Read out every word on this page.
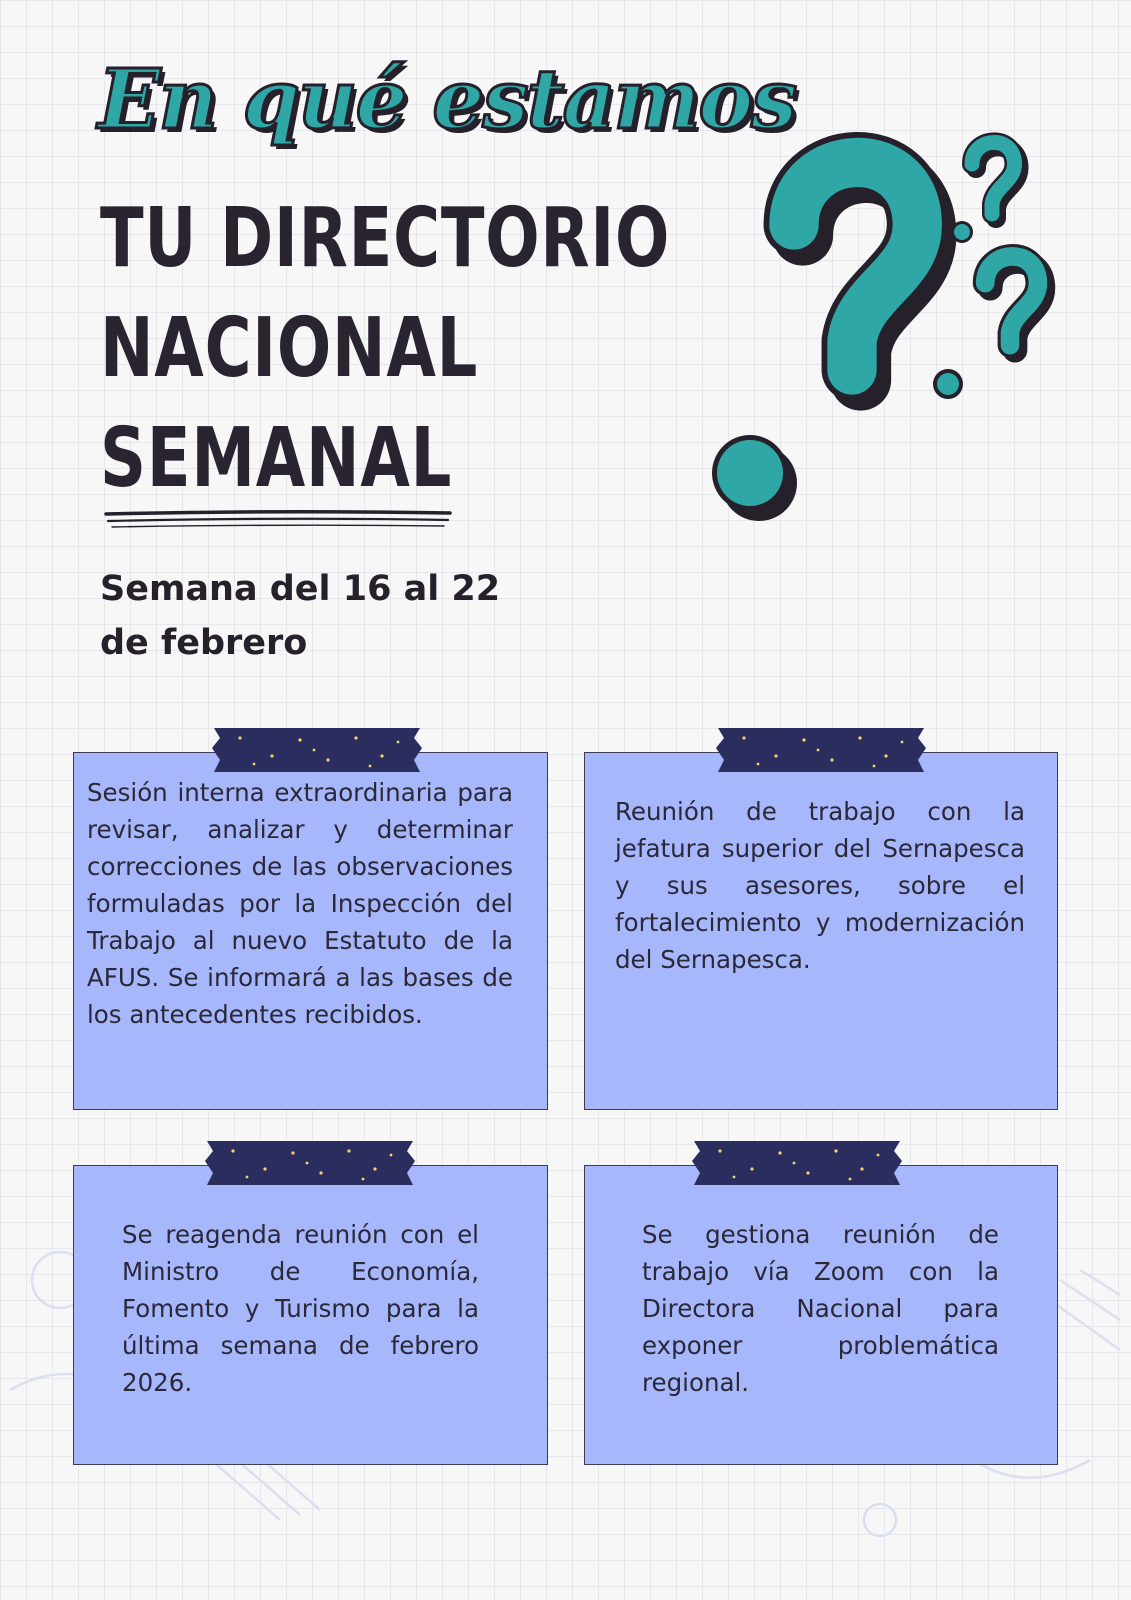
En qué estamos
TU DIRECTORIO
NACIONAL
SEMANAL
Semana del 16 al 22 de febrero
Sesión interna extraordinaria para revisar, analizar y determinar correcciones de las observaciones formuladas por la Inspección del Trabajo al nuevo Estatuto de la AFUS. Se informará a las bases de los antecedentes recibidos.
Reunión de trabajo con la jefatura superior del Sernapesca y sus asesores, sobre el fortalecimiento y modernización del Sernapesca.
Se reagenda reunión con el Ministro de Economía, Fomento y Turismo para la última semana de febrero 2026.
Se gestiona reunión de trabajo vía Zoom con la Directora Nacional para exponer problemática regional.
